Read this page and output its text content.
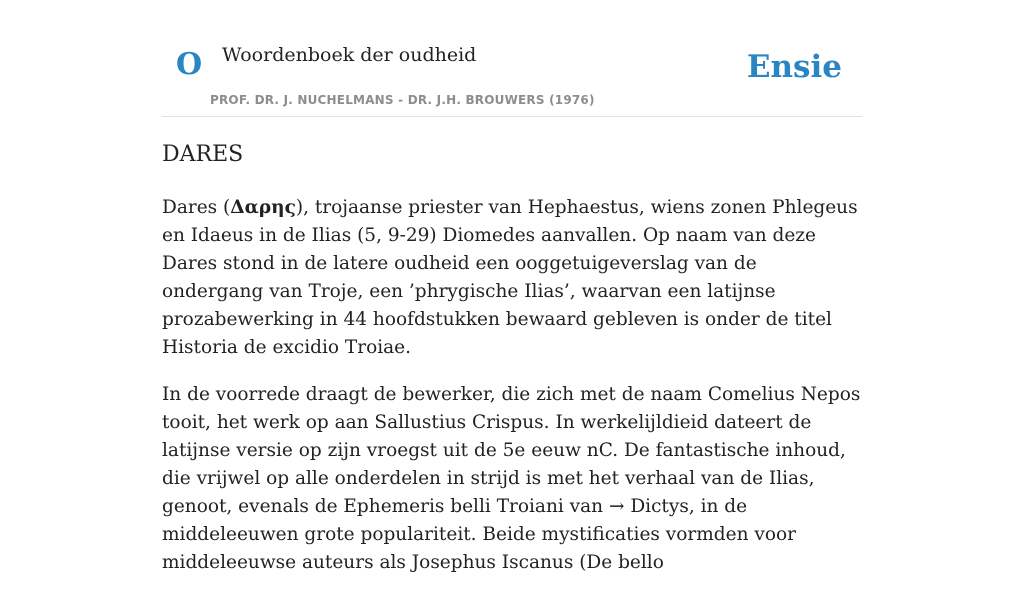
O Woordenboek der oudheid
PROF. DR. J. NUCHELMANS - DR. J.H. BROUWERS (1976)
Ensie
DARES

Dares (Δαρης), trojaanse priester van Hephaestus, wiens zonen Phlegeus en Idaeus in de Ilias (5, 9-29) Diomedes aanvallen. Op naam van deze Dares stond in de latere oudheid een ooggetuigeverslag van de ondergang van Troje, een ’phrygische Ilias’, waarvan een latijnse prozabewerking in 44 hoofdstukken bewaard gebleven is onder de titel Historia de excidio Troiae.

In de voorrede draagt de bewerker, die zich met de naam Comelius Nepos tooit, het werk op aan Sallustius Crispus. In werkelijldieid dateert de latijnse versie op zijn vroegst uit de 5e eeuw nC. De fantastische inhoud, die vrijwel op alle onderdelen in strijd is met het verhaal van de Ilias, genoot, evenals de Ephemeris belli Troiani van → Dictys, in de middeleeuwen grote populariteit. Beide mystificaties vormden voor middeleeuwse auteurs als Josephus Iscanus (De bello
